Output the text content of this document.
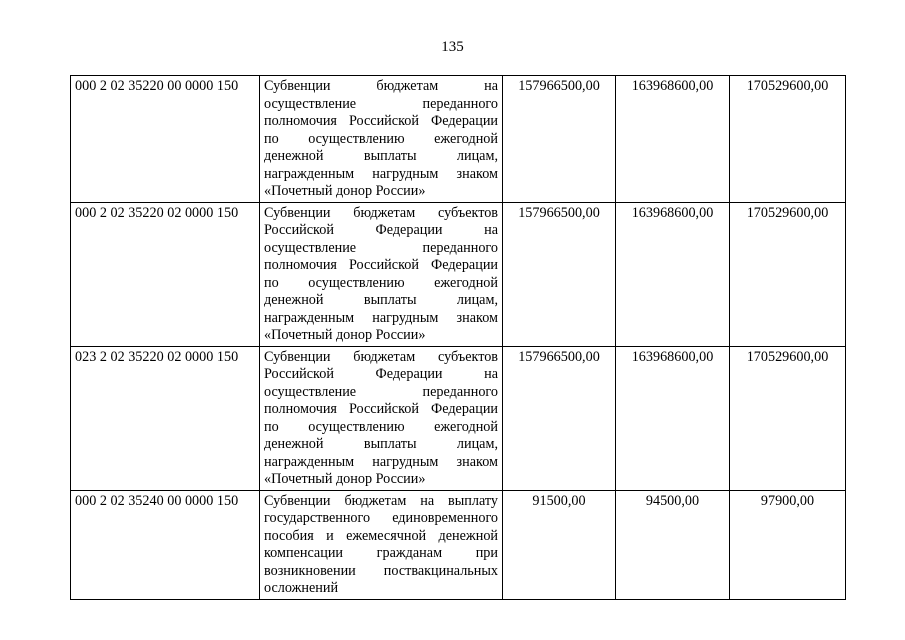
135
000 2 02 35220 00 0000 150	Субвенции бюджетам на осуществление переданного полномочия Российской Федерации по осуществлению ежегодной денежной выплаты лицам, награжденным нагрудным знаком «Почетный донор России»	157966500,00	163968600,00	170529600,00
000 2 02 35220 02 0000 150	Субвенции бюджетам субъектов Российской Федерации на осуществление переданного полномочия Российской Федерации по осуществлению ежегодной денежной выплаты лицам, награжденным нагрудным знаком «Почетный донор России»	157966500,00	163968600,00	170529600,00
023 2 02 35220 02 0000 150	Субвенции бюджетам субъектов Российской Федерации на осуществление переданного полномочия Российской Федерации по осуществлению ежегодной денежной выплаты лицам, награжденным нагрудным знаком «Почетный донор России»	157966500,00	163968600,00	170529600,00
000 2 02 35240 00 0000 150	Субвенции бюджетам на выплату государственного единовременного пособия и ежемесячной денежной компенсации гражданам при возникновении поствакцинальных осложнений	91500,00	94500,00	97900,00
